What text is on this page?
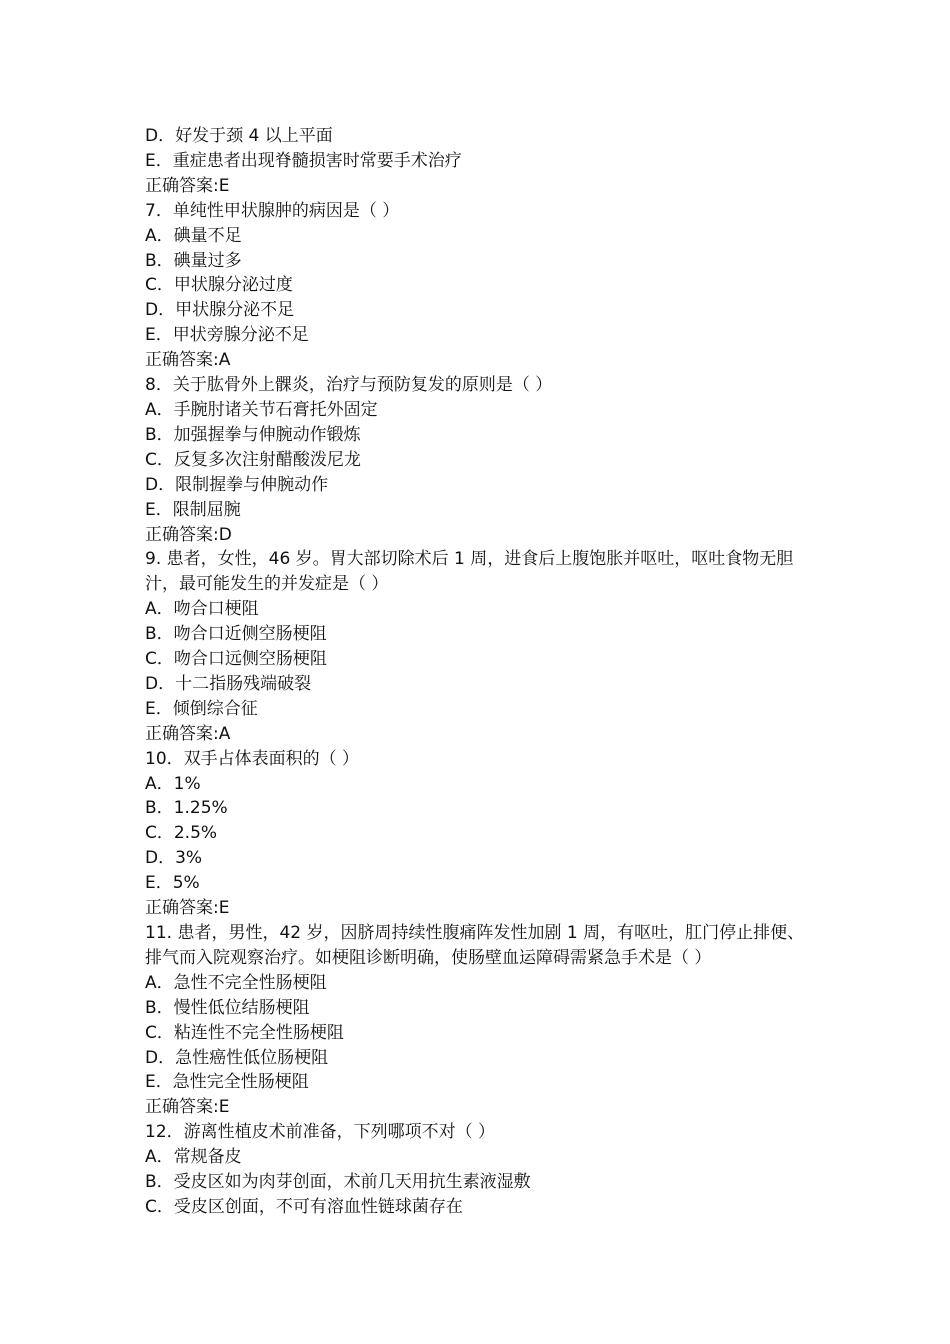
D．好发于颈 4 以上平面
E．重症患者出现脊髓损害时常要手术治疗
正确答案:E
7．单纯性甲状腺肿的病因是（ ）
A．碘量不足
B．碘量过多
C．甲状腺分泌过度
D．甲状腺分泌不足
E．甲状旁腺分泌不足
正确答案:A
8．关于肱骨外上髁炎，治疗与预防复发的原则是（ ）
A．手腕肘诸关节石膏托外固定
B．加强握拳与伸腕动作锻炼
C．反复多次注射醋酸泼尼龙
D．限制握拳与伸腕动作
E．限制屈腕
正确答案:D
9. 患者，女性，46 岁。胃大部切除术后 1 周，进食后上腹饱胀并呕吐，呕吐食物无胆汁，最可能发生的并发症是（ ）
A．吻合口梗阻
B．吻合口近侧空肠梗阻
C．吻合口远侧空肠梗阻
D．十二指肠残端破裂
E．倾倒综合征
正确答案:A
10．双手占体表面积的（ ）
A．1%
B．1.25%
C．2.5%
D．3%
E．5%
正确答案:E
11. 患者，男性，42 岁，因脐周持续性腹痛阵发性加剧 1 周，有呕吐，肛门停止排便、排气而入院观察治疗。如梗阻诊断明确，使肠壁血运障碍需紧急手术是（ ）
A．急性不完全性肠梗阻
B．慢性低位结肠梗阻
C．粘连性不完全性肠梗阻
D．急性癌性低位肠梗阻
E．急性完全性肠梗阻
正确答案:E
12．游离性植皮术前准备，下列哪项不对（ ）
A．常规备皮
B．受皮区如为肉芽创面，术前几天用抗生素液湿敷
C．受皮区创面，不可有溶血性链球菌存在
